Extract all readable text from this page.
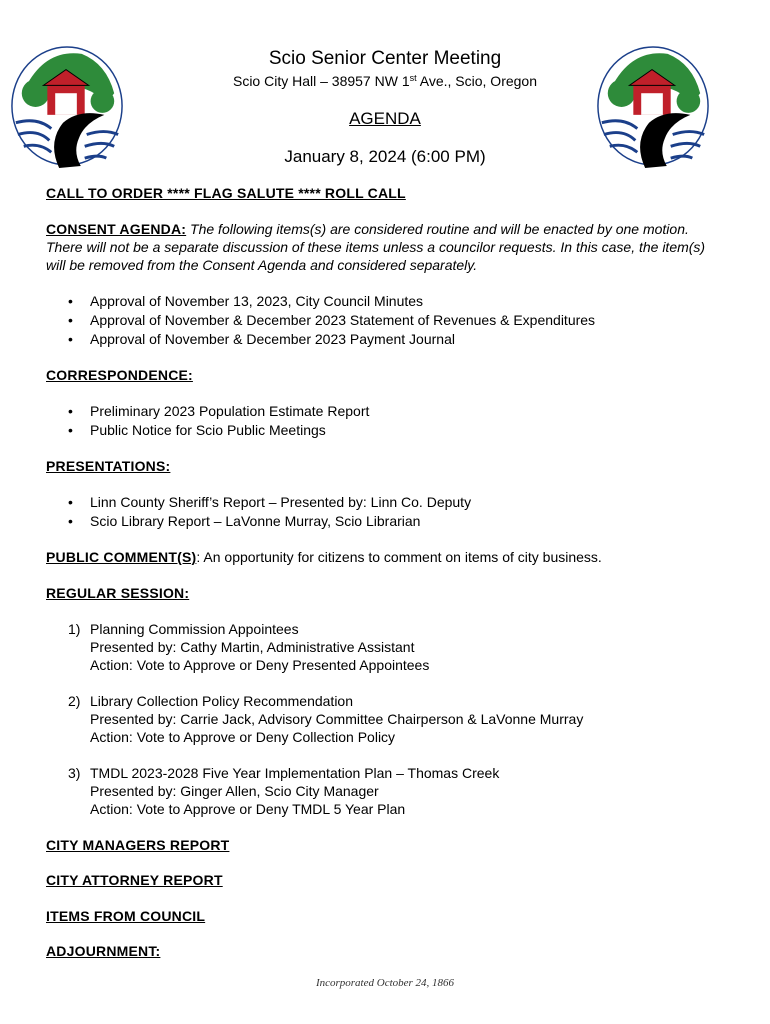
Scio Senior Center Meeting
Scio City Hall – 38957 NW 1st Ave., Scio, Oregon
AGENDA
January 8, 2024 (6:00 PM)
CALL TO ORDER **** FLAG SALUTE **** ROLL CALL

CONSENT AGENDA: The following items(s) are considered routine and will be enacted by one motion. There will not be a separate discussion of these items unless a councilor requests. In this case, the item(s) will be removed from the Consent Agenda and considered separately.

• Approval of November 13, 2023, City Council Minutes
• Approval of November & December 2023 Statement of Revenues & Expenditures
• Approval of November & December 2023 Payment Journal
CORRESPONDENCE:
• Preliminary 2023 Population Estimate Report
• Public Notice for Scio Public Meetings
PRESENTATIONS:
• Linn County Sheriff’s Report – Presented by: Linn Co. Deputy
• Scio Library Report – LaVonne Murray, Scio Librarian

PUBLIC COMMENT(S): An opportunity for citizens to comment on items of city business.

REGULAR SESSION:
1) Planning Commission Appointees
Presented by: Cathy Martin, Administrative Assistant
Action: Vote to Approve or Deny Presented Appointees
2) Library Collection Policy Recommendation
Presented by: Carrie Jack, Advisory Committee Chairperson & LaVonne Murray
Action: Vote to Approve or Deny Collection Policy
3) TMDL 2023-2028 Five Year Implementation Plan – Thomas Creek
Presented by: Ginger Allen, Scio City Manager
Action: Vote to Approve or Deny TMDL 5 Year Plan
CITY MANAGERS REPORT
CITY ATTORNEY REPORT
ITEMS FROM COUNCIL
ADJOURNMENT:
Incorporated October 24, 1866
